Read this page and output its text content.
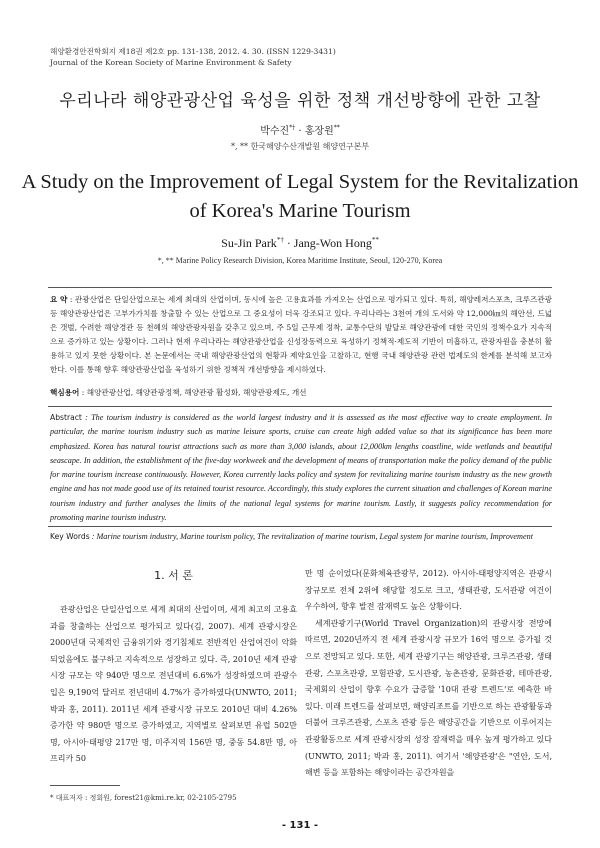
해양환경안전학회지 제18권 제2호 pp. 131-138, 2012. 4. 30. (ISSN 1229-3431)
Journal of the Korean Society of Marine Environment & Safety
우리나라 해양관광산업 육성을 위한 정책 개선방향에 관한 고찰
박수진*† · 홍장원**
*, ** 한국해양수산개발원 해양연구본부
A Study on the Improvement of Legal System for the Revitalization
of Korea's Marine Tourism
Su-Jin Park*† · Jang-Won Hong**
*, ** Marine Policy Research Division, Korea Maritime Institute, Seoul, 120-270, Korea
요 약 : 관광산업은 단일산업으로는 세계 최대의 산업이며, 동시에 높은 고용효과를 가져오는 산업으로 평가되고 있다. 특히, 해양레저스포츠, 크루즈관광 등 해양관광산업은 고부가가치를 창출할 수 있는 산업으로 그 중요성이 더욱 강조되고 있다. 우리나라는 3천여 개의 도서와 약 12,000㎞의 해안선, 드넓은 갯벌, 수려한 해양경관 등 천혜의 해양관광자원을 갖추고 있으며, 주 5일 근무제 정착, 교통수단의 발달로 해양관광에 대한 국민의 정책수요가 지속적으로 증가하고 있는 상황이다. 그러나 현재 우리나라는 해양관광산업을 신성장동력으로 육성하기 정책적·제도적 기반이 미흡하고, 관광자원을 충분히 활용하고 있지 못한 상황이다. 본 논문에서는 국내 해양관광산업의 현황과 제약요인을 고찰하고, 현행 국내 해양관광 관련 법제도의 한계를 분석해 보고자 한다. 이를 통해 향후 해양관광산업을 육성하기 위한 정책적 개선방향을 제시하였다.
핵심용어 : 해양관광산업, 해양관광정책, 해양관광 활성화, 해양관광제도, 개선
Abstract : The tourism industry is considered as the world largest industry and it is assessed as the most effective way to create employment. In particular, the marine tourism industry such as marine leisure sports, cruise can create high added value so that its significance has been more emphasized. Korea has natural tourist attractions such as more than 3,000 islands, about 12,000km lengths coastline, wide wetlands and beautiful seascape. In addition, the establishment of the five-day workweek and the development of means of transportation make the policy demand of the public for marine tourism increase continuously. However, Korea currently lacks policy and system for revitalizing marine tourism industry as the new growth engine and has not made good use of its retained tourist resource. Accordingly, this study explores the current situation and challenges of Korean marine tourism industry and further analyses the limits of the national legal systems for marine tourism. Lastly, it suggests policy recommendation for promoting marine tourism industry.
Key Words : Marine tourism industry, Marine tourism policy, The revitalization of marine tourism, Legal system for marine tourism, Improvement
1. 서 론

관광산업은 단일산업으로 세계 최대의 산업이며, 세계 최고의 고용효과를 창출하는 산업으로 평가되고 있다(김, 2007). 세계 관광시장은 2000년대 국제적인 금융위기와 경기침체로 전반적인 산업여건이 악화되었음에도 불구하고 지속적으로 성장하고 있다. 즉, 2010년 세계 관광시장 규모는 약 940만 명으로 전년대비 6.6%가 성장하였으며 관광수입은 9,190억 달러로 전년대비 4.7%가 증가하였다(UNWTO, 2011; 박과 홍, 2011). 2011년 세계 관광시장 규모도 2010년 대비 4.26% 증가한 약 980만 명으로 증가하였고, 지역별로 살펴보면 유럽 502만 명, 아시아·태평양 217만 명, 미주지역 156만 명, 중동 54.8만 명, 아프리카 50

만 명 순이었다(문화체육관광부, 2012). 아시아-태평양지역은 관광시장규모로 전체 2위에 해당할 정도로 크고, 생태관광, 도서관광 여건이 우수하여, 향후 발전 잠재력도 높은 상황이다.

세계관광기구(World Travel Organization)의 관광시장 전망에 따르면, 2020년까지 전 세계 관광시장 규모가 16억 명으로 증가될 것으로 전망되고 있다. 또한, 세계 관광기구는 해양관광, 크루즈관광, 생태관광, 스포츠관광, 모험관광, 도시관광, 농촌관광, 문화관광, 테마관광, 국제회의 산업이 향후 수요가 급증할 '10대 관광 트렌드'로 예측한 바 있다. 미래 트렌드를 살펴보면, 해양리조트를 기반으로 하는 관광활동과 더불어 크루즈관광, 스포츠 관광 등은 해양공간을 기반으로 이루어지는 관광활동으로 세계 관광시장의 성장 잠재력을 매우 높게 평가하고 있다(UNWTO, 2011; 박과 홍, 2011). 여기서 '해양관광'은 "연안, 도서, 해변 등을 포함하는 해양이라는 공간자원을

* 대표저자 : 정회원, forest21@kmi.re.kr, 02-2105-2795
- 131 -
